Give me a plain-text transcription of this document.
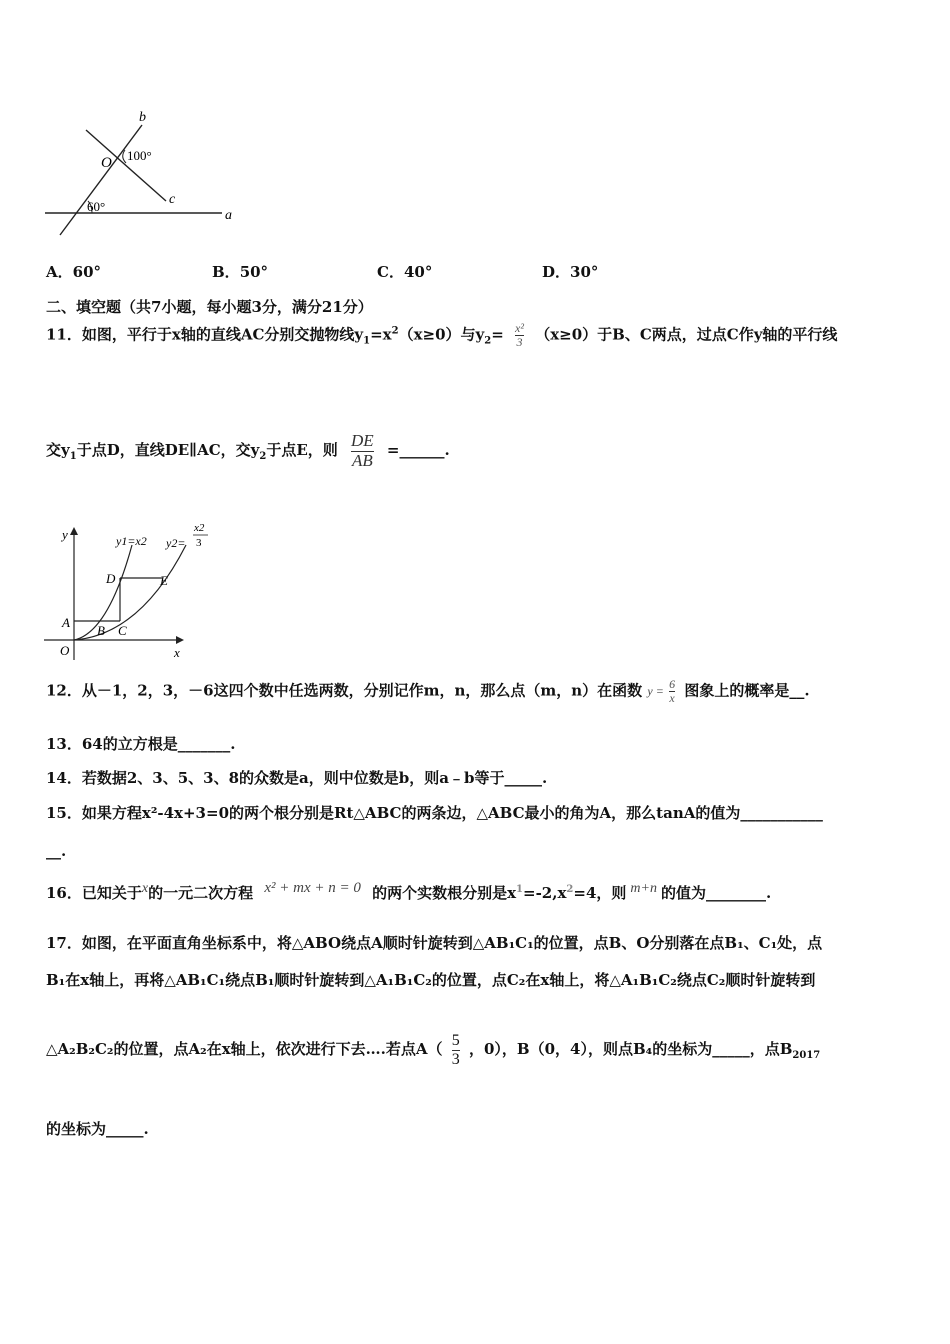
b
O 100°
c
60°
a
A．60°	B．50°	C．40°	D．30°
二、填空题（共7小题，每小题3分，满分21分）
11．如图，平行于x轴的直线AC分别交抛物线$y_1=x^2(x\ge 0)$与$y_2= \frac{\text{x²}}{3} (x\ge 0)$于B、C两点，过点C作y轴的平行线
交$y_1$于点D，直线DE∥AC，交$y_2$于点E，则 $\frac{DE}{AB}$ =______.
y	y1=x2 y2=
x2
3
D	E
A
B C
O	x
12．从－1，2，3，－6这四个数中任选两数，分别记作m，n，那么点（m，n）在函数 $y = \frac{6}{x}$ 图象上的概率是__.
13．64的立方根是_______.
14．若数据2、3、5、3、8的众数是a，则中位数是b，则a﹣b等于_____.
15．如果方程x²-4x+3=0的两个根分别是Rt△ABC的两条边，△ABC最小的角为A，那么tanA的值为___________
__.
16．已知关于$^x$的一元二次方程 $^{x^2 + mx + n = 0}$ 的两个实数根分别是$x^1=-2,x^2=4$，则 $^{m+n}$ 的值为________.
17．如图，在平面直角坐标系中，将△ABO绕点A顺时针旋转到△AB₁C₁的位置，点B、O分别落在点B₁、C₁处，点
B₁在x轴上，再将△AB₁C₁绕点B₁顺时针旋转到△A₁B₁C₂的位置，点C₂在x轴上，将△A₁B₁C₂绕点C₂顺时针旋转到
△A₂B₂C₂的位置，点A₂在x轴上，依次进行下去….若点$A( \frac{5}{3}$ ，0），B（0，4），则点B₄的坐标为_____，点$B_{2017}$
的坐标为_____.
